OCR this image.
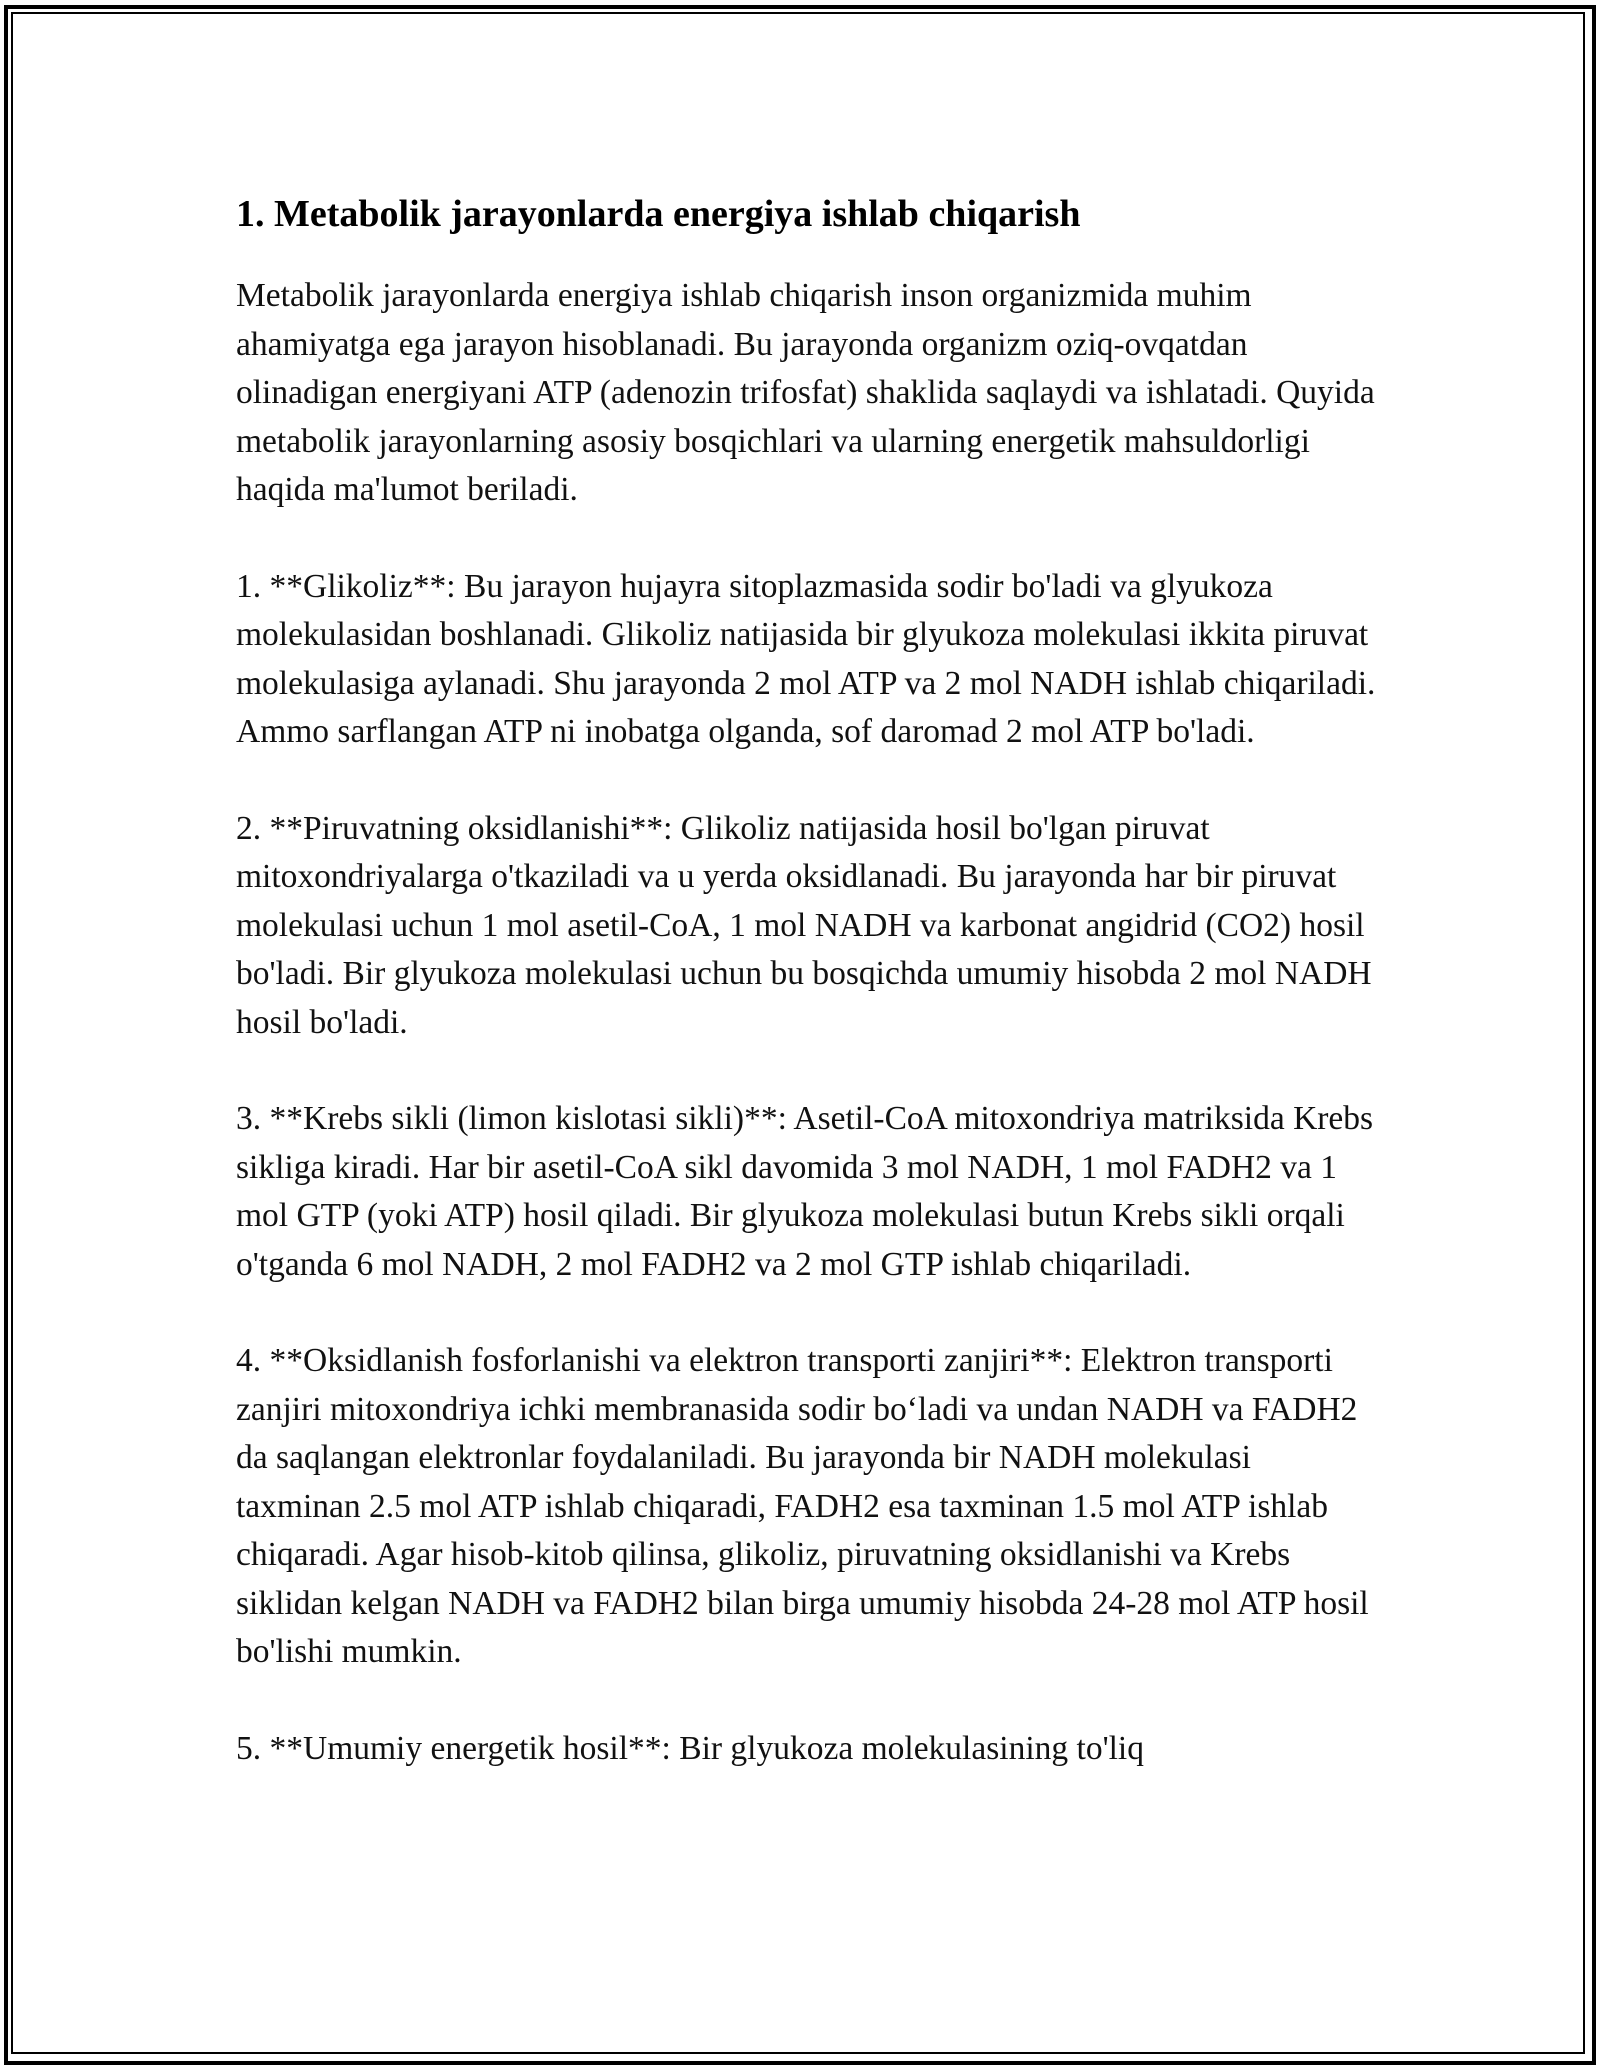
1. Metabolik jarayonlarda energiya ishlab chiqarish

Metabolik jarayonlarda energiya ishlab chiqarish inson organizmida muhim ahamiyatga ega jarayon hisoblanadi. Bu jarayonda organizm oziq-ovqatdan olinadigan energiyani ATP (adenozin trifosfat) shaklida saqlaydi va ishlatadi. Quyida metabolik jarayonlarning asosiy bosqichlari va ularning energetik mahsuldorligi haqida ma'lumot beriladi.

1. **Glikoliz**: Bu jarayon hujayra sitoplazmasida sodir bo'ladi va glyukoza molekulasidan boshlanadi. Glikoliz natijasida bir glyukoza molekulasi ikkita piruvat molekulasiga aylanadi. Shu jarayonda 2 mol ATP va 2 mol NADH ishlab chiqariladi. Ammo sarflangan ATP ni inobatga olganda, sof daromad 2 mol ATP bo'ladi.

2. **Piruvatning oksidlanishi**: Glikoliz natijasida hosil bo'lgan piruvat mitoxondriyalarga o'tkaziladi va u yerda oksidlanadi. Bu jarayonda har bir piruvat molekulasi uchun 1 mol asetil-CoA, 1 mol NADH va karbonat angidrid (CO2) hosil bo'ladi. Bir glyukoza molekulasi uchun bu bosqichda umumiy hisobda 2 mol NADH hosil bo'ladi.

3. **Krebs sikli (limon kislotasi sikli)**: Asetil-CoA mitoxondriya matriksida Krebs sikliga kiradi. Har bir asetil-CoA sikl davomida 3 mol NADH, 1 mol FADH2 va 1 mol GTP (yoki ATP) hosil qiladi. Bir glyukoza molekulasi butun Krebs sikli orqali o'tganda 6 mol NADH, 2 mol FADH2 va 2 mol GTP ishlab chiqariladi.

4. **Oksidlanish fosforlanishi va elektron transporti zanjiri**: Elektron transporti zanjiri mitoxondriya ichki membranasida sodir bo‘ladi va undan NADH va FADH2 da saqlangan elektronlar foydalaniladi. Bu jarayonda bir NADH molekulasi taxminan 2.5 mol ATP ishlab chiqaradi, FADH2 esa taxminan 1.5 mol ATP ishlab chiqaradi. Agar hisob-kitob qilinsa, glikoliz, piruvatning oksidlanishi va Krebs siklidan kelgan NADH va FADH2 bilan birga umumiy hisobda 24-28 mol ATP hosil bo'lishi mumkin.

5. **Umumiy energetik hosil**: Bir glyukoza molekulasining to'liq
